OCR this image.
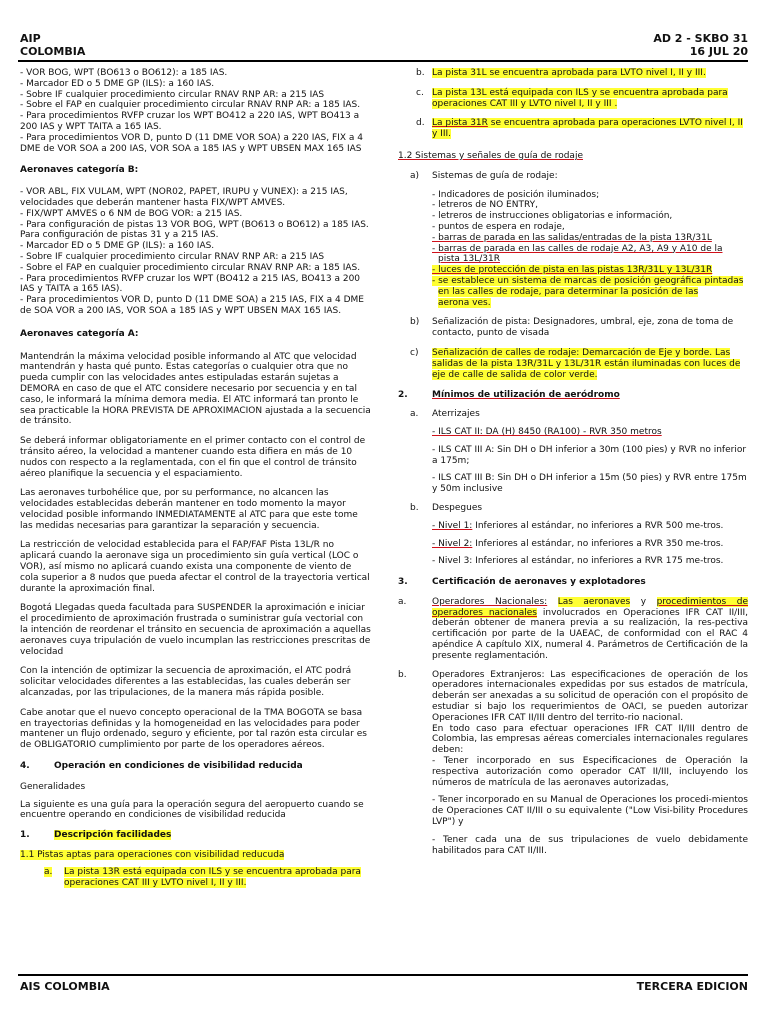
AIP
COLOMBIA
AD 2 - SKBO 31
16 JUL 20

- VOR BOG, WPT (BO613 o BO612): a 185 IAS.

- Marcador ED o 5 DME GP (ILS): a 160 IAS.

- Sobre IF cualquier procedimiento circular RNAV RNP AR: a 215 IAS

- Sobre el FAP en cualquier procedimiento circular RNAV RNP AR: a 185 IAS.

- Para procedimientos RVFP cruzar los WPT BO412 a 220 IAS, WPT BO413 a 200 IAS y WPT TAITA a 165 IAS.

- Para procedimientos VOR D, punto D (11 DME VOR SOA) a 220 IAS, FIX a 4 DME de VOR SOA a 200 IAS, VOR SOA a 185 IAS y WPT UBSEN MAX 165 IAS

Aeronaves categoría B:

- VOR ABL, FIX VULAM, WPT (NOR02, PAPET, IRUPU y VUNEX): a 215 IAS, velocidades que deberán mantener hasta FIX/WPT AMVES.

- FIX/WPT AMVES o 6 NM de BOG VOR: a 215 IAS.

- Para configuración de pistas 13 VOR BOG, WPT (BO613 o BO612) a 185 IAS. Para configuración de pistas 31 y a 215 IAS.

- Marcador ED o 5 DME GP (ILS): a 160 IAS.

- Sobre IF cualquier procedimiento circular RNAV RNP AR: a 215 IAS

- Sobre el FAP en cualquier procedimiento circular RNAV RNP AR: a 185 IAS.

- Para procedimientos RVFP cruzar los WPT (BO412 a 215 IAS, BO413 a 200 IAS y TAITA a 165 IAS).

- Para procedimientos VOR D, punto D (11 DME SOA) a 215 IAS, FIX a 4 DME de SOA VOR a 200 IAS, VOR SOA a 185 IAS y WPT UBSEN MAX 165 IAS.

Aeronaves categoría A:

Mantendrán la máxima velocidad posible informando al ATC que velocidad mantendrán y hasta qué punto. Estas categorías o cualquier otra que no pueda cumplir con las velocidades antes estipuladas estarán sujetas a DEMORA en caso de que el ATC considere necesario por secuencia y en tal caso, le informará la mínima demora media. El ATC informará tan pronto le sea practicable la HORA PREVISTA DE APROXIMACION ajustada a la secuencia de tránsito.

Se deberá informar obligatoriamente en el primer contacto con el control de tránsito aéreo, la velocidad a mantener cuando esta difiera en más de 10 nudos con respecto a la reglamentada, con el fin que el control de tránsito aéreo planifique la secuencia y el espaciamiento.

Las aeronaves turbohélice que, por su performance, no alcancen las velocidades establecidas deberán mantener en todo momento la mayor velocidad posible informando INMEDIATAMENTE al ATC para que este tome las medidas necesarias para garantizar la separación y secuencia.

La restricción de velocidad establecida para el FAP/FAF Pista 13L/R no aplicará cuando la aeronave siga un procedimiento sin guía vertical (LOC o VOR), así mismo no aplicará cuando exista una componente de viento de cola superior a 8 nudos que pueda afectar el control de la trayectoria vertical durante la aproximación final.

Bogotá Llegadas queda facultada para SUSPENDER la aproximación e iniciar el procedimiento de aproximación frustrada o suministrar guía vectorial con la intención de reordenar el tránsito en secuencia de aproximación a aquellas aeronaves cuya tripulación de vuelo incumplan las restricciones prescritas de velocidad

Con la intención de optimizar la secuencia de aproximación, el ATC podrá solicitar velocidades diferentes a las establecidas, las cuales deberán ser alcanzadas, por las tripulaciones, de la manera más rápida posible.

Cabe anotar que el nuevo concepto operacional de la TMA BOGOTA se basa en trayectorias definidas y la homogeneidad en las velocidades para poder mantener un flujo ordenado, seguro y eficiente, por tal razón esta circular es de OBLIGATORIO cumplimiento por parte de los operadores aéreos.

4.	Operación en condiciones de visibilidad reducida

Generalidades

La siguiente es una guía para la operación segura del aeropuerto cuando se encuentre operando en condiciones de visibilidad reducida

1.	Descripción facilidades

1.1 Pistas aptas para operaciones con visibilidad reducuda

a.	La pista 13R está equipada con ILS y se encuentra aprobada para operaciones CAT III y LVTO nivel I, II y III.
b. La pista 31L se encuentra aprobada para LVTO nivel I, II y III.
c. La pista 13L está equipada con ILS y se encuentra aprobada para operaciones CAT III y LVTO nivel I, II y III .
d. La pista 31R se encuentra aprobada para operaciones LVTO nivel I, II y III.

1.2 Sistemas y señales de guía de rodaje

a)	Sistemas de guía de rodaje:

- Indicadores de posición iluminados;

- letreros de NO ENTRY,

- letreros de instrucciones obligatorias e información,

- puntos de espera en rodaje,

- barras de parada en las salidas/entradas de la pista 13R/31L

- barras de parada en las calles de rodaje A2, A3, A9 y A10 de la

pista 13L/31R

- luces de protección de pista en las pistas 13R/31L y 13L/31R

- se establece un sistema de marcas de posición geográfica pintadas

en las calles de rodaje, para determinar la posición de las

aerona ves.

b)	Señalización de pista: Designadores, umbral, eje, zona de toma de contacto, punto de visada
c)	Señalización de calles de rodaje: Demarcación de Eje y borde. Las salidas de la pista 13R/31L y 13L/31R están iluminadas con luces de eje de calle de salida de color verde.
2.	Mínimos de utilización de aeródromo
a.	Aterrizajes

- ILS CAT II: DA (H) 8450 (RA100) - RVR 350 metros

- ILS CAT III A: Sin DH o DH inferior a 30m (100 pies) y RVR no inferior a 175m;

- ILS CAT III B: Sin DH o DH inferior a 15m (50 pies) y RVR entre 175m y 50m inclusive

b.	Despegues

- Nivel 1: Inferiores al estándar, no inferiores a RVR 500 me-tros.

- Nivel 2: Inferiores al estándar, no inferiores a RVR 350 me-tros.

- Nivel 3: Inferiores al estándar, no inferiores a RVR 175 me-tros.

3.	Certificación de aeronaves y explotadores
a.	Operadores Nacionales: Las aeronaves y procedimientos de operadores nacionales involucrados en Operaciones IFR CAT II/III, deberán obtener de manera previa a su realización, la res-pectiva certificación por parte de la UAEAC, de conformidad con el RAC 4 apéndice A capítulo XIX, numeral 4. Parámetros de Certificación de la presente reglamentación.
b.	Operadores Extranjeros: Las especificaciones de operación de los operadores internacionales expedidas por sus estados de matrícula, deberán ser anexadas a su solicitud de operación con el propósito de estudiar si bajo los requerimientos de OACI, se pueden autorizar Operaciones IFR CAT II/III dentro del territo-rio nacional.

En todo caso para efectuar operaciones IFR CAT II/III dentro de Colombia, las empresas aéreas comerciales internacionales regulares deben:

- Tener incorporado en sus Especificaciones de Operación la respectiva autorización como operador CAT II/III, incluyendo los números de matrícula de las aeronaves autorizadas,

- Tener incorporado en su Manual de Operaciones los procedi-mientos de Operaciones CAT II/III o su equivalente ("Low Visi-bility Procedures LVP") y

- Tener cada una de sus tripulaciones de vuelo debidamente habilitados para CAT II/III.

AIS COLOMBIA	TERCERA EDICION
